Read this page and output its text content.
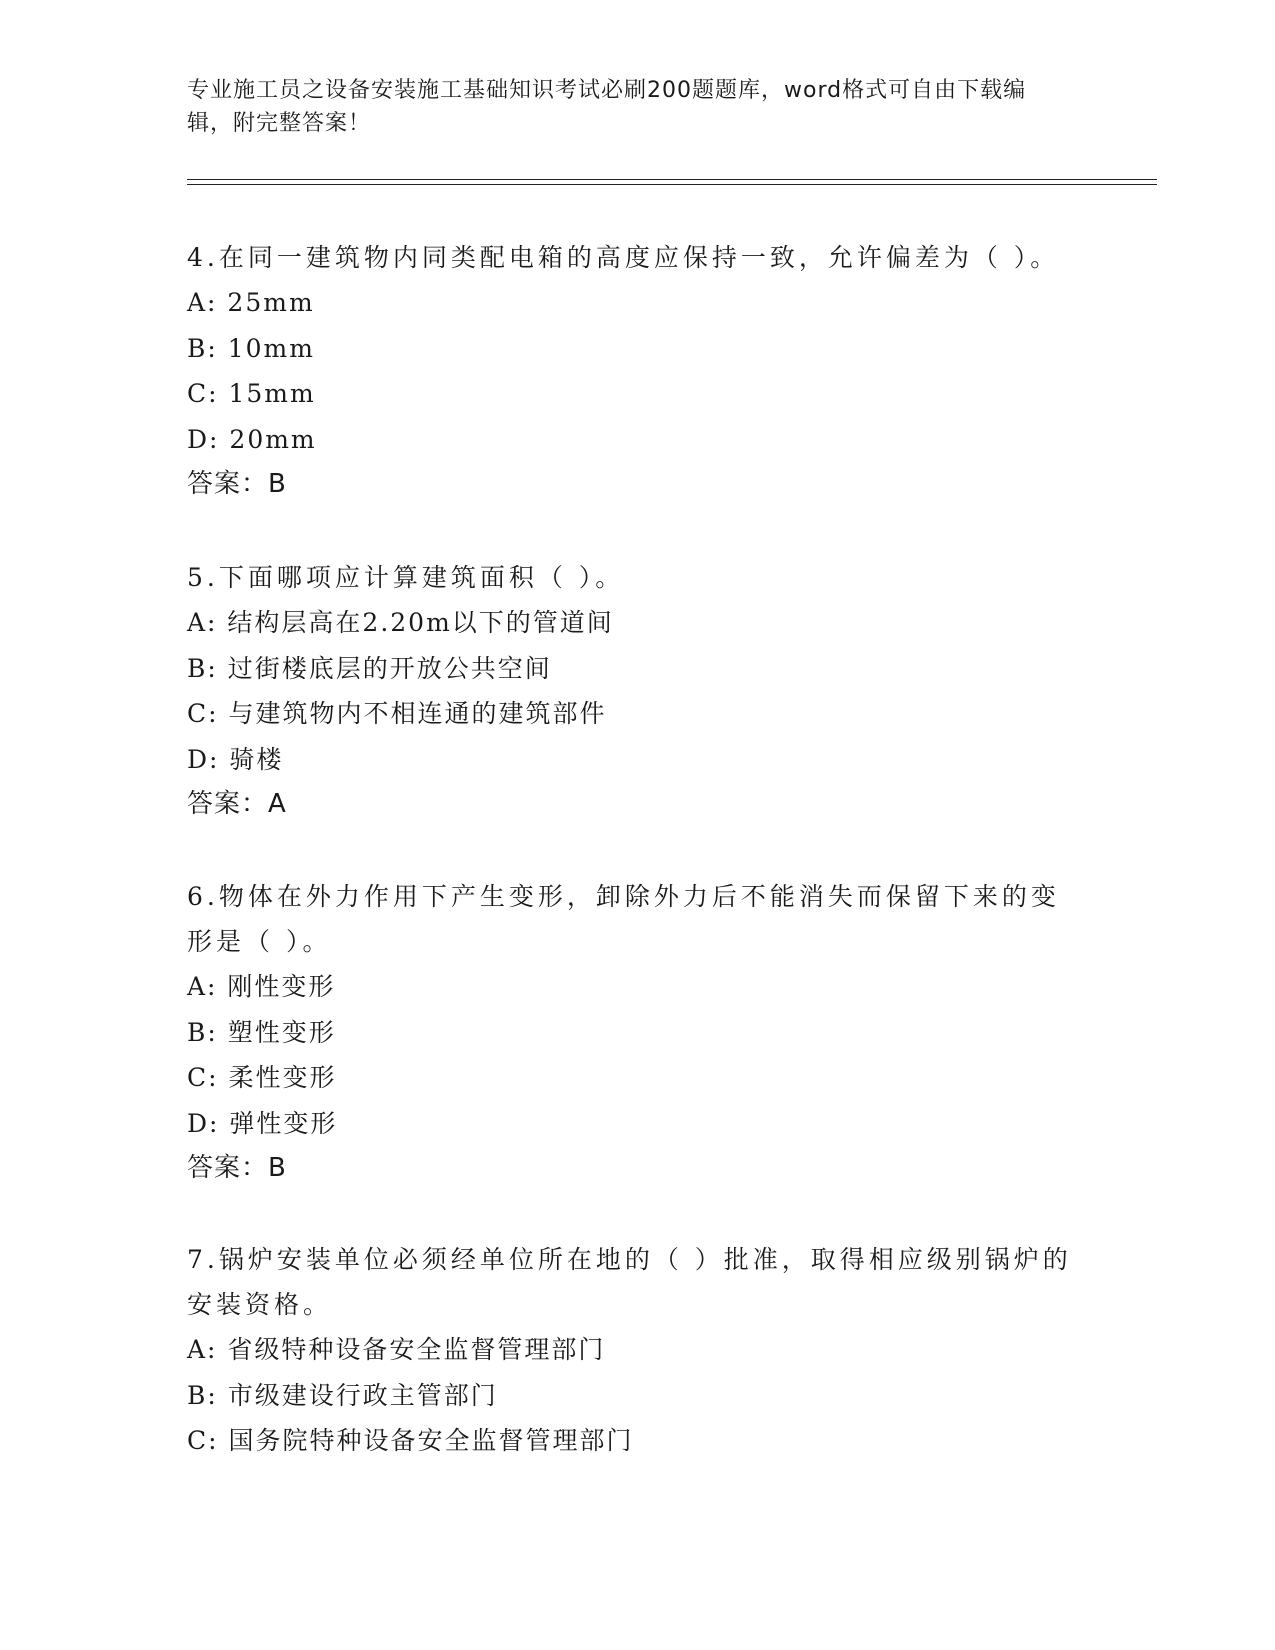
专业施工员之设备安装施工基础知识考试必刷200题题库，word格式可自由下载编辑，附完整答案！

4.在同一建筑物内同类配电箱的高度应保持一致，允许偏差为（ ）。

A: 25mm

B: 10mm

C: 15mm

D: 20mm

答案：B

5.下面哪项应计算建筑面积（ ）。

A: 结构层高在2.20m以下的管道间

B: 过街楼底层的开放公共空间

C: 与建筑物内不相连通的建筑部件

D: 骑楼

答案：A

6.物体在外力作用下产生变形，卸除外力后不能消失而保留下来的变形是（ ）。

A: 刚性变形

B: 塑性变形

C: 柔性变形

D: 弹性变形

答案：B

7.锅炉安装单位必须经单位所在地的（ ）批准，取得相应级别锅炉的安装资格。

A: 省级特种设备安全监督管理部门

B: 市级建设行政主管部门

C: 国务院特种设备安全监督管理部门
